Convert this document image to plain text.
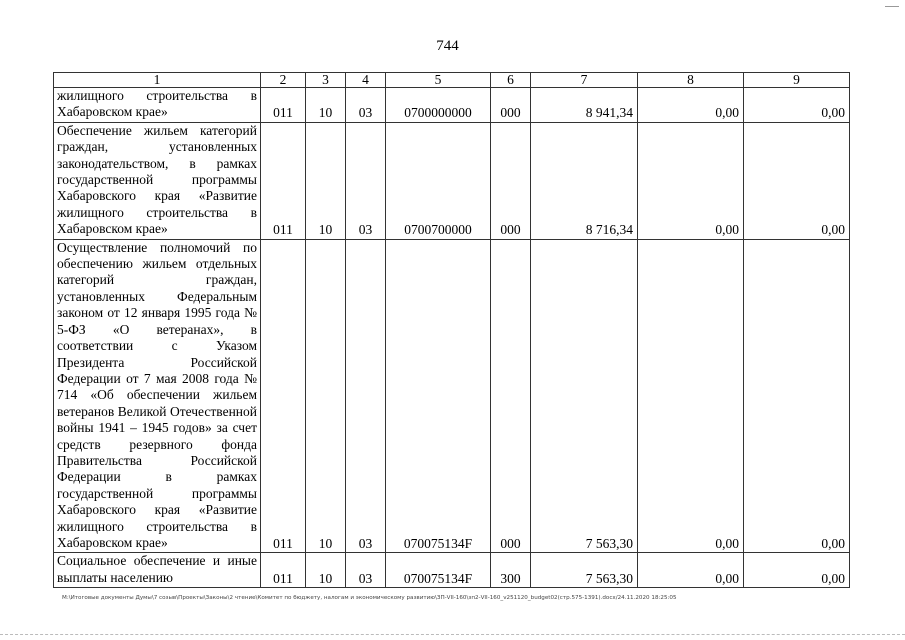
744
1	2	3	4	5	6	7	8	9
жилищного строительства в Хабаровском крае»	011	10	03	0700000000	000	8 941,34	0,00	0,00
Обеспечение жильем категорий граждан, установленных законодательством, в рамках государственной программы Хабаровского края «Развитие жилищного строительства в Хабаровском крае»	011	10	03	0700700000	000	8 716,34	0,00	0,00
Осуществление полномочий по обеспечению жильем отдельных категорий граждан, установленных Федеральным законом от 12 января 1995 года № 5-ФЗ «О ветеранах», в соответствии с Указом Президента Российской Федерации от 7 мая 2008 года № 714 «Об обеспечении жильем ветеранов Великой Отечественной войны 1941 – 1945 годов» за счет средств резервного фонда Правительства Российской Федерации в рамках государственной программы Хабаровского края «Развитие жилищного строительства в Хабаровском крае»	011	10	03	070075134F	000	7 563,30	0,00	0,00
Социальное обеспечение и иные выплаты населению	011	10	03	070075134F	300	7 563,30	0,00	0,00
M:\Итоговые документы Думы\7 созыв\Проекты\Законы\2 чтение\Комитет по бюджету, налогам и экономическому развитию\ЗП-VII-160\зп2-VII-160_v251120_budget02(стр.575-1391).docx/24.11.2020 18:25:05
